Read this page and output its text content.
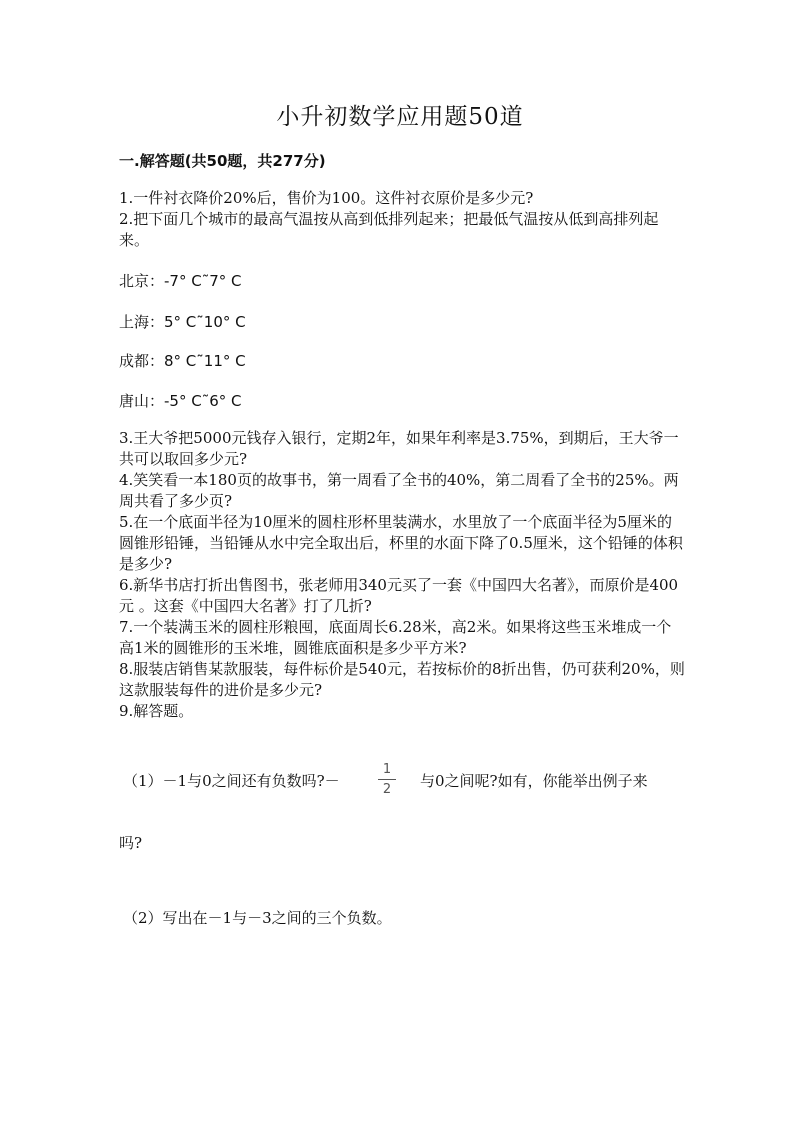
小升初数学应用题50道
一.解答题(共50题，共277分)
1.一件衬衣降价20%后，售价为100。这件衬衣原价是多少元?
2.把下面几个城市的最高气温按从高到低排列起来；把最低气温按从低到高排列起来。
北京：-7° C˜7° C
上海：5° C˜10° C
成都：8° C˜11° C
唐山：-5° C˜6° C
3.王大爷把5000元钱存入银行，定期2年，如果年利率是3.75%，到期后，王大爷一共可以取回多少元?
4.笑笑看一本180页的故事书，第一周看了全书的40%，第二周看了全书的25%。两周共看了多少页?
5.在一个底面半径为10厘米的圆柱形杯里装满水，水里放了一个底面半径为5厘米的圆锥形铅锤，当铅锤从水中完全取出后，杯里的水面下降了0.5厘米，这个铅锤的体积是多少?
6.新华书店打折出售图书，张老师用340元买了一套《中国四大名著》，而原价是400元 。这套《中国四大名著》打了几折?
7.一个装满玉米的圆柱形粮囤，底面周长6.28米，高2米。如果将这些玉米堆成一个高1米的圆锥形的玉米堆，圆锥底面积是多少平方米?
8.服装店销售某款服装，每件标价是540元，若按标价的8折出售，仍可获利20%，则这款服装每件的进价是多少元?
9.解答题。
（1）－1与0之间还有负数吗?－
1
2	与0之间呢?如有，你能举出例子来
吗?
（2）写出在－1与－3之间的三个负数。
